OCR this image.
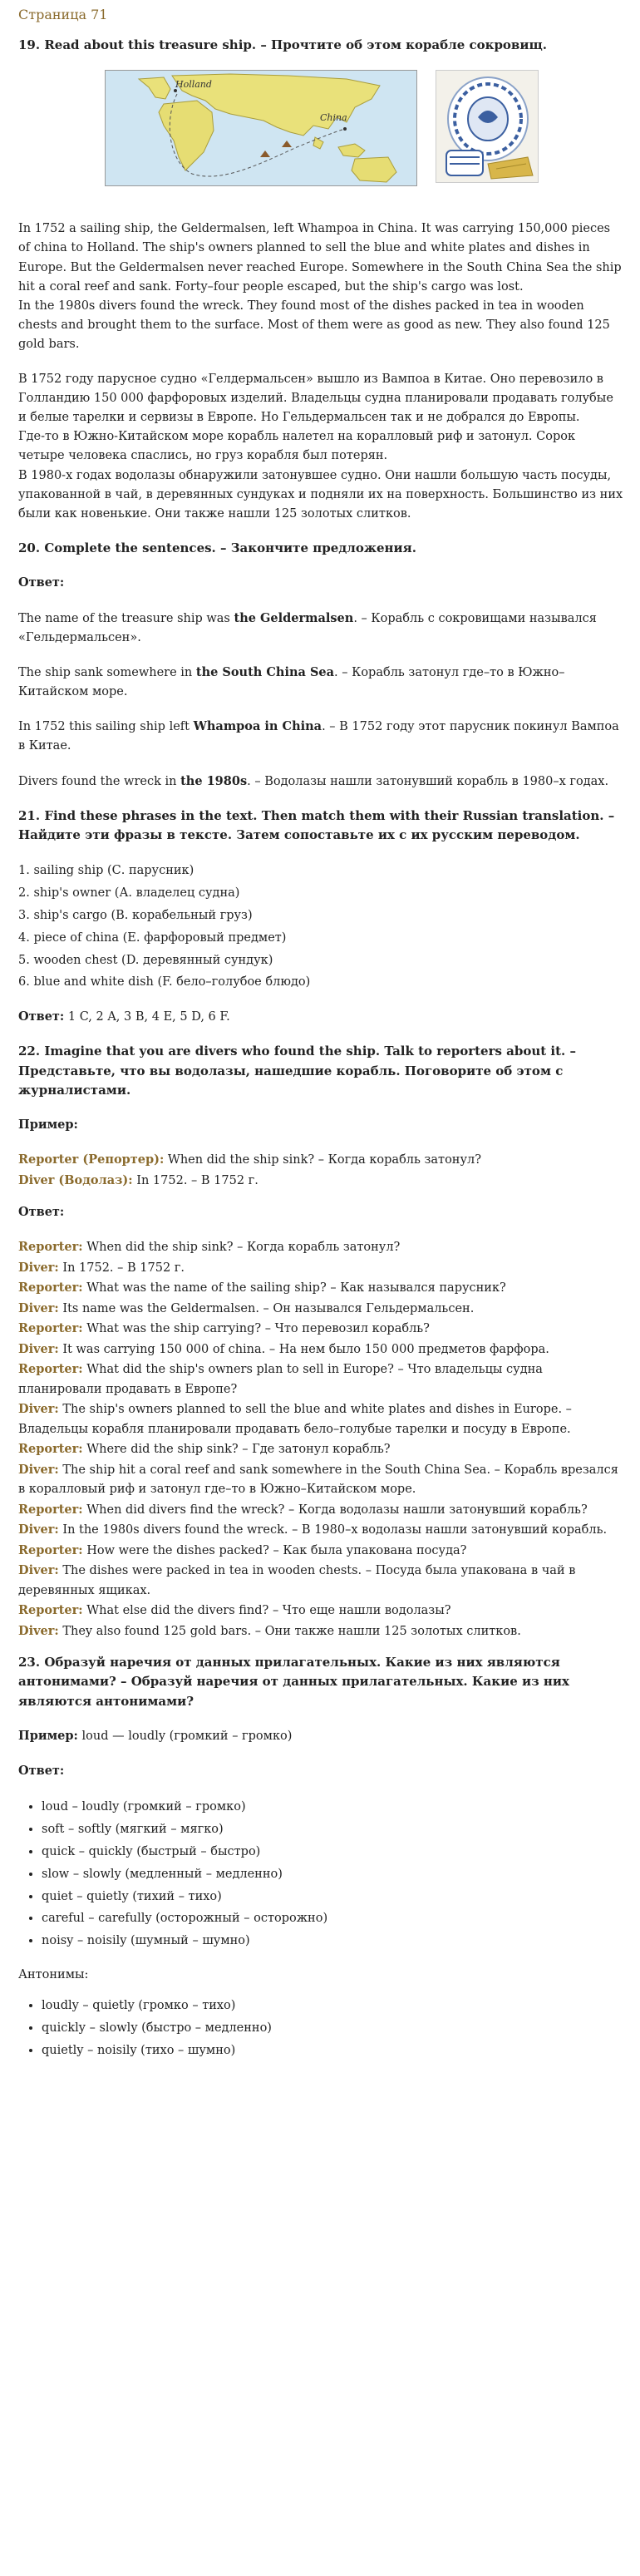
Страница 71
19. Read about this treasure ship. – Прочтите об этом корабле сокровищ.
Holland
China

In 1752 a sailing ship, the Geldermalsen, left Whampoa in China. It was carrying 150,000 pieces of china to Holland. The ship's owners planned to sell the blue and white plates and dishes in Europe. But the Geldermalsen never reached Europe. Somewhere in the South China Sea the ship hit a coral reef and sank. Forty–four people escaped, but the ship's cargo was lost.

In the 1980s divers found the wreck. They found most of the dishes packed in tea in wooden chests and brought them to the surface. Most of them were as good as new. They also found 125 gold bars.

В 1752 году парусное судно «Гелдермальсен» вышло из Вампоа в Китае. Оно перевозило в Голландию 150 000 фарфоровых изделий. Владельцы судна планировали продавать голубые и белые тарелки и сервизы в Европе. Но Гельдермальсен так и не добрался до Европы.

Где-то в Южно-Китайском море корабль налетел на коралловый риф и затонул. Сорок четыре человека спаслись, но груз корабля был потерян.

В 1980-х годах водолазы обнаружили затонувшее судно. Они нашли большую часть посуды, упакованной в чай, в деревянных сундуках и подняли их на поверхность. Большинство из них были как новенькие. Они также нашли 125 золотых слитков.

20. Complete the sentences. – Закончите предложения.

Ответ:

The name of the treasure ship was the Geldermalsen. – Корабль с сокровищами назывался «Гельдермальсен».

The ship sank somewhere in the South China Sea. – Корабль затонул где–то в Южно–Китайском море.

In 1752 this sailing ship left Whampoa in China. – В 1752 году этот парусник покинул Вампоа в Китае.

Divers found the wreck in the 1980s. – Водолазы нашли затонувший корабль в 1980–х годах.

21. Find these phrases in the text. Then match them with their Russian translation. – Найдите эти фразы в тексте. Затем сопоставьте их с их русским переводом.
1. sailing ship (С. парусник)
2. ship's owner (А. владелец судна)
3. ship's cargo (В. корабельный груз)
4. piece of china (Е. фарфоровый предмет)
5. wooden chest (D. деревянный сундук)
6. blue and white dish (F. бело–голубое блюдо)

Ответ: 1 C, 2 A, 3 B, 4 E, 5 D, 6 F.

22. Imagine that you are divers who found the ship. Talk to reporters about it. – Представьте, что вы водолазы, нашедшие корабль. Поговорите об этом с журналистами.

Пример:

Reporter (Репортер): When did the ship sink? – Когда корабль затонул?
Diver (Водолаз): In 1752. – В 1752 г.

Ответ:

Reporter: When did the ship sink? – Когда корабль затонул?
Diver: In 1752. – В 1752 г.
Reporter: What was the name of the sailing ship? – Как назывался парусник?
Diver: Its name was the Geldermalsen. – Он назывался Гельдермальсен.
Reporter: What was the ship carrying? – Что перевозил корабль?
Diver: It was carrying 150 000 of china. – На нем было 150 000 предметов фарфора.
Reporter: What did the ship's owners plan to sell in Europe? – Что владельцы судна планировали продавать в Европе?
Diver: The ship's owners planned to sell the blue and white plates and dishes in Europe. – Владельцы корабля планировали продавать бело–голубые тарелки и посуду в Европе.
Reporter: Where did the ship sink? – Где затонул корабль?
Diver: The ship hit a coral reef and sank somewhere in the South China Sea. – Корабль врезался в коралловый риф и затонул где–то в Южно–Китайском море.
Reporter: When did divers find the wreck? – Когда водолазы нашли затонувший корабль?
Diver: In the 1980s divers found the wreck. – В 1980–х водолазы нашли затонувший корабль.
Reporter: How were the dishes packed? – Как была упакована посуда?
Diver: The dishes were packed in tea in wooden chests. – Посуда была упакована в чай в деревянных ящиках.
Reporter: What else did the divers find? – Что еще нашли водолазы?
Diver: They also found 125 gold bars. – Они также нашли 125 золотых слитков.
23. Образуй наречия от данных прилагательных. Какие из них являются антонимами? – Образуй наречия от данных прилагательных. Какие из них являются антонимами?

Пример: loud — loudly (громкий – громко)

Ответ:

• loud – loudly (громкий – громко)
• soft – softly (мягкий – мягко)
• quick – quickly (быстрый – быстро)
• slow – slowly (медленный – медленно)
• quiet – quietly (тихий – тихо)
• careful – carefully (осторожный – осторожно)
• noisy – noisily (шумный – шумно)

Антонимы:

• loudly – quietly (громко – тихо)
• quickly – slowly (быстро – медленно)
• quietly – noisily (тихо – шумно)
